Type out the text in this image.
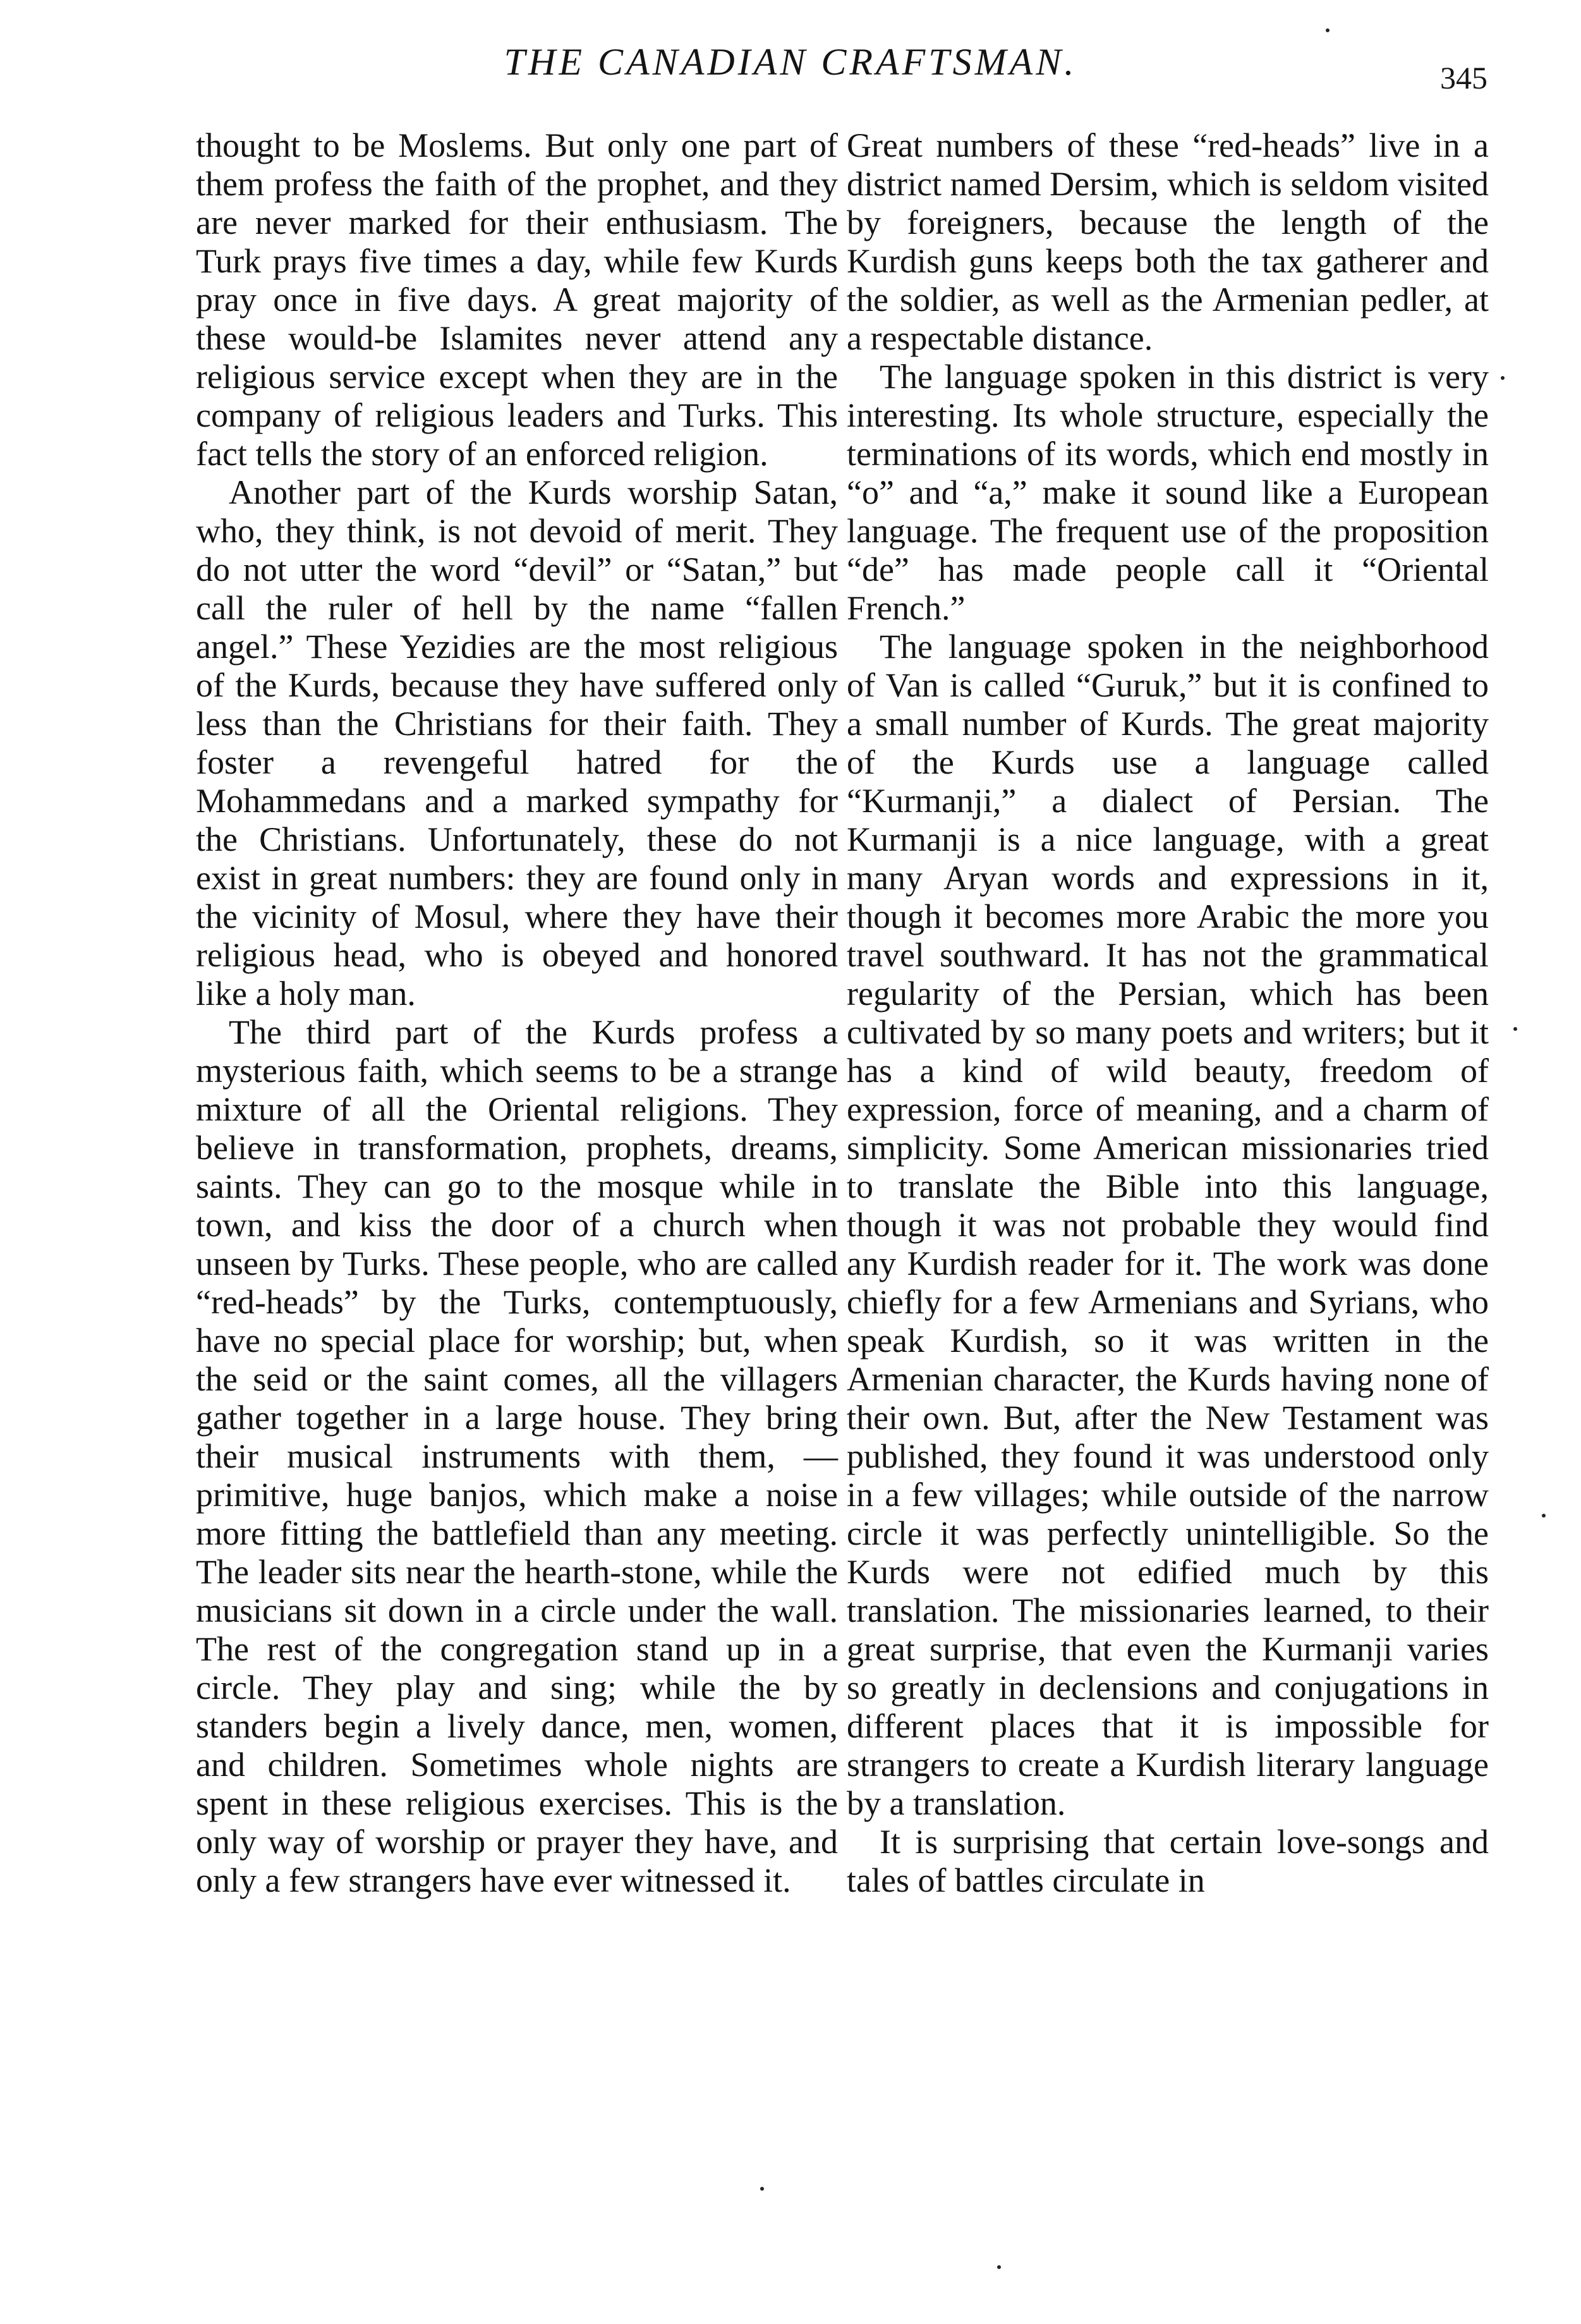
THE CANADIAN CRAFTSMAN.	345

thought to be Moslems. But only one part of them profess the faith of the prophet, and they are never marked for their enthusiasm. The Turk prays five times a day, while few Kurds pray once in five days. A great majority of these would-be Islamites never attend any religious service except when they are in the company of religious leaders and Turks. This fact tells the story of an enforced religion.

Another part of the Kurds worship Satan, who, they think, is not devoid of merit. They do not utter the word “devil” or “Satan,” but call the ruler of hell by the name “fallen angel.” These Yezidies are the most religious of the Kurds, because they have suffered only less than the Christians for their faith. They foster a revengeful hatred for the Mohammedans and a marked sympathy for the Christians. Unfortunately, these do not exist in great numbers: they are found only in the vicinity of Mosul, where they have their religious head, who is obeyed and honored like a holy man.

The third part of the Kurds profess a mysterious faith, which seems to be a strange mixture of all the Oriental religions. They believe in transformation, prophets, dreams, saints. They can go to the mosque while in town, and kiss the door of a church when unseen by Turks. These people, who are called “red-heads” by the Turks, contemptuously, have no special place for worship; but, when the seid or the saint comes, all the villagers gather together in a large house. They bring their musical instruments with them, —primitive, huge banjos, which make a noise more fitting the battlefield than any meeting. The leader sits near the hearth-stone, while the musicians sit down in a circle under the wall. The rest of the congregation stand up in a circle. They play and sing; while the by standers begin a lively dance, men, women, and children. Sometimes whole nights are spent in these religious exercises. This is the only way of worship or prayer they have, and only a few strangers have ever witnessed it.

Great numbers of these “red-heads” live in a district named Dersim, which is seldom visited by foreigners, because the length of the Kurdish guns keeps both the tax gatherer and the soldier, as well as the Armenian pedler, at a respectable distance.

The language spoken in this district is very interesting. Its whole structure, especially the terminations of its words, which end mostly in “o” and “a,” make it sound like a European language. The frequent use of the proposition “de” has made people call it “Oriental French.”

The language spoken in the neighborhood of Van is called “Guruk,” but it is confined to a small number of Kurds. The great majority of the Kurds use a language called “Kurmanji,” a dialect of Persian. The Kurmanji is a nice language, with a great many Aryan words and expressions in it, though it becomes more Arabic the more you travel southward. It has not the grammatical regularity of the Persian, which has been cultivated by so many poets and writers; but it has a kind of wild beauty, freedom of expression, force of meaning, and a charm of simplicity. Some American missionaries tried to translate the Bible into this language, though it was not probable they would find any Kurdish reader for it. The work was done chiefly for a few Armenians and Syrians, who speak Kurdish, so it was written in the Armenian character, the Kurds having none of their own. But, after the New Testament was published, they found it was understood only in a few villages; while outside of the narrow circle it was perfectly unintelligible. So the Kurds were not edified much by this translation. The missionaries learned, to their great surprise, that even the Kurmanji varies so greatly in declensions and conjugations in different places that it is impossible for strangers to create a Kurdish literary language by a translation.

It is surprising that certain love-songs and tales of battles circulate in
